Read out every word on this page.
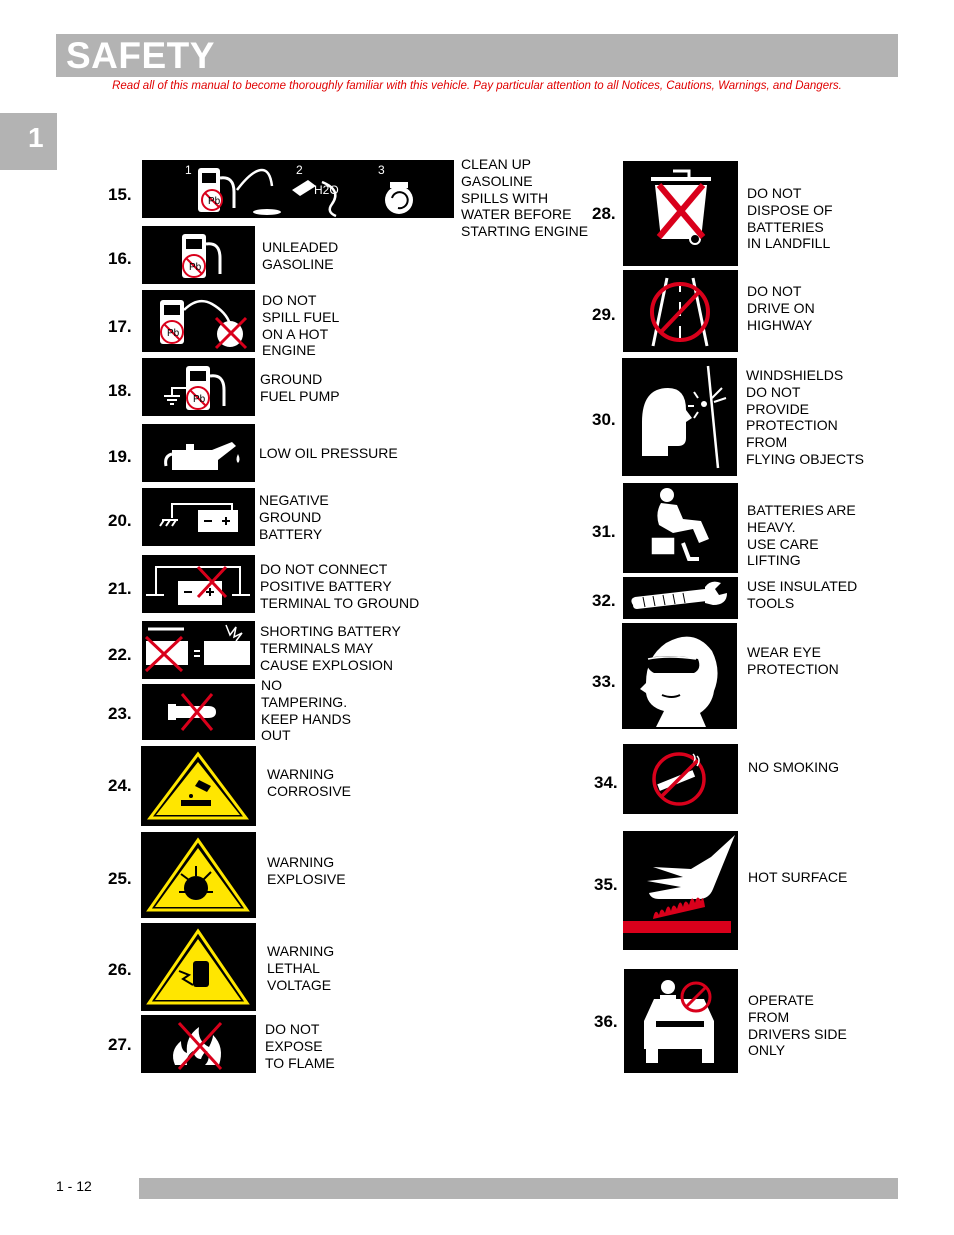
SAFETY
Read all of this manual to become thoroughly familiar with this vehicle. Pay particular attention to all Notices, Cautions, Warnings, and Dangers.
1
15.
1	2	3
Pb
H2O
CLEAN UP
GASOLINE
SPILLS WITH
WATER BEFORE
STARTING ENGINE
16.	Pb
UNLEADED
GASOLINE
17.	Pb
DO NOT
SPILL FUEL
ON A HOT
ENGINE
18.	Pb
GROUND
FUEL PUMP
19.	LOW OIL PRESSURE
20.
NEGATIVE
GROUND
BATTERY
21.
DO NOT CONNECT
POSITIVE BATTERY
TERMINAL TO GROUND
22.
SHORTING BATTERY
TERMINALS MAY
CAUSE EXPLOSION
23.
NO
TAMPERING.
KEEP HANDS
OUT
24.
WARNING
CORROSIVE
25.
WARNING
EXPLOSIVE
26.
WARNING
LETHAL
VOLTAGE
27.
DO NOT
EXPOSE
TO FLAME
28.
DO NOT
DISPOSE OF
BATTERIES
IN LANDFILL
29.
DO NOT
DRIVE ON
HIGHWAY
30.
WINDSHIELDS
DO NOT
PROVIDE
PROTECTION
FROM
FLYING OBJECTS
31.
BATTERIES ARE
HEAVY.
USE CARE
LIFTING
32.
USE INSULATED
TOOLS
33.
WEAR EYE
PROTECTION
34.
NO SMOKING
35.	HOT SURFACE
36.
OPERATE
FROM
DRIVERS SIDE
ONLY
1 - 12
